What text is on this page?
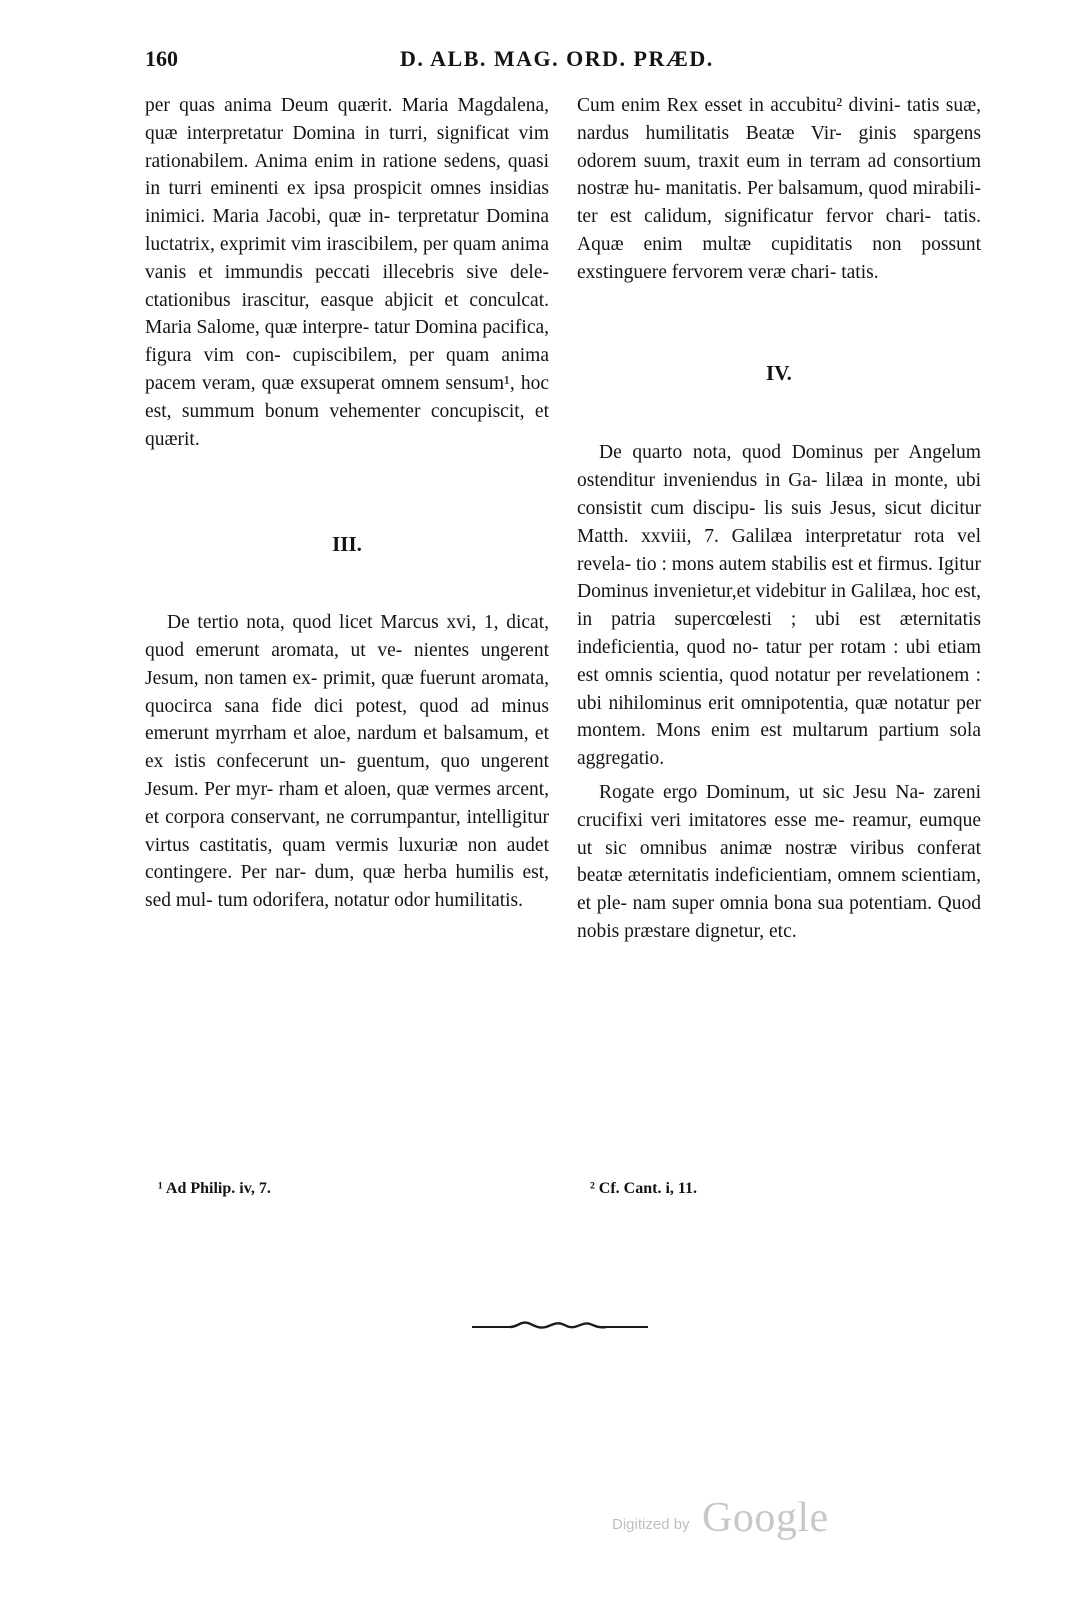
160	D. ALB. MAG. ORD. PRÆD.

per quas anima Deum quærit. Maria Magdalena, quæ interpretatur Domina in turri, significat vim rationabilem. Anima enim in ratione sedens, quasi in turri eminenti ex ipsa prospicit omnes insidias inimici. Maria Jacobi, quæ in- terpretatur Domina luctatrix, exprimit vim irascibilem, per quam anima vanis et immundis peccati illecebris sive dele- ctationibus irascitur, easque abjicit et conculcat. Maria Salome, quæ interpre- tatur Domina pacifica, figura vim con- cupiscibilem, per quam anima pacem veram, quæ exsuperat omnem sensum¹, hoc est, summum bonum vehementer concupiscit, et quærit.

III.

De tertio nota, quod licet Marcus xvi, 1, dicat, quod emerunt aromata, ut ve- nientes ungerent Jesum, non tamen ex- primit, quæ fuerunt aromata, quocirca sana fide dici potest, quod ad minus emerunt myrrham et aloe, nardum et balsamum, et ex istis confecerunt un- guentum, quo ungerent Jesum. Per myr- rham et aloen, quæ vermes arcent, et corpora conservant, ne corrumpantur, intelligitur virtus castitatis, quam vermis luxuriæ non audet contingere. Per nar- dum, quæ herba humilis est, sed mul- tum odorifera, notatur odor humilitatis.

Cum enim Rex esset in accubitu² divini- tatis suæ, nardus humilitatis Beatæ Vir- ginis spargens odorem suum, traxit eum in terram ad consortium nostræ hu- manitatis. Per balsamum, quod mirabili- ter est calidum, significatur fervor chari- tatis. Aquæ enim multæ cupiditatis non possunt exstinguere fervorem veræ chari- tatis.

IV.

De quarto nota, quod Dominus per Angelum ostenditur inveniendus in Ga- lilæa in monte, ubi consistit cum discipu- lis suis Jesus, sicut dicitur Matth. xxviii, 7. Galilæa interpretatur rota vel revela- tio : mons autem stabilis est et firmus. Igitur Dominus invenietur,et videbitur in Galilæa, hoc est, in patria supercœlesti ; ubi est æternitatis indeficientia, quod no- tatur per rotam : ubi etiam est omnis scientia, quod notatur per revelationem : ubi nihilominus erit omnipotentia, quæ notatur per montem. Mons enim est multarum partium sola aggregatio.

Rogate ergo Dominum, ut sic Jesu Na- zareni crucifixi veri imitatores esse me- reamur, eumque ut sic omnibus animæ nostræ viribus conferat beatæ æternitatis indeficientiam, omnem scientiam, et ple- nam super omnia bona sua potentiam. Quod nobis præstare dignetur, etc.

¹ Ad Philip. iv, 7.	² Cf. Cant. i, 11.
Digitized by Google
